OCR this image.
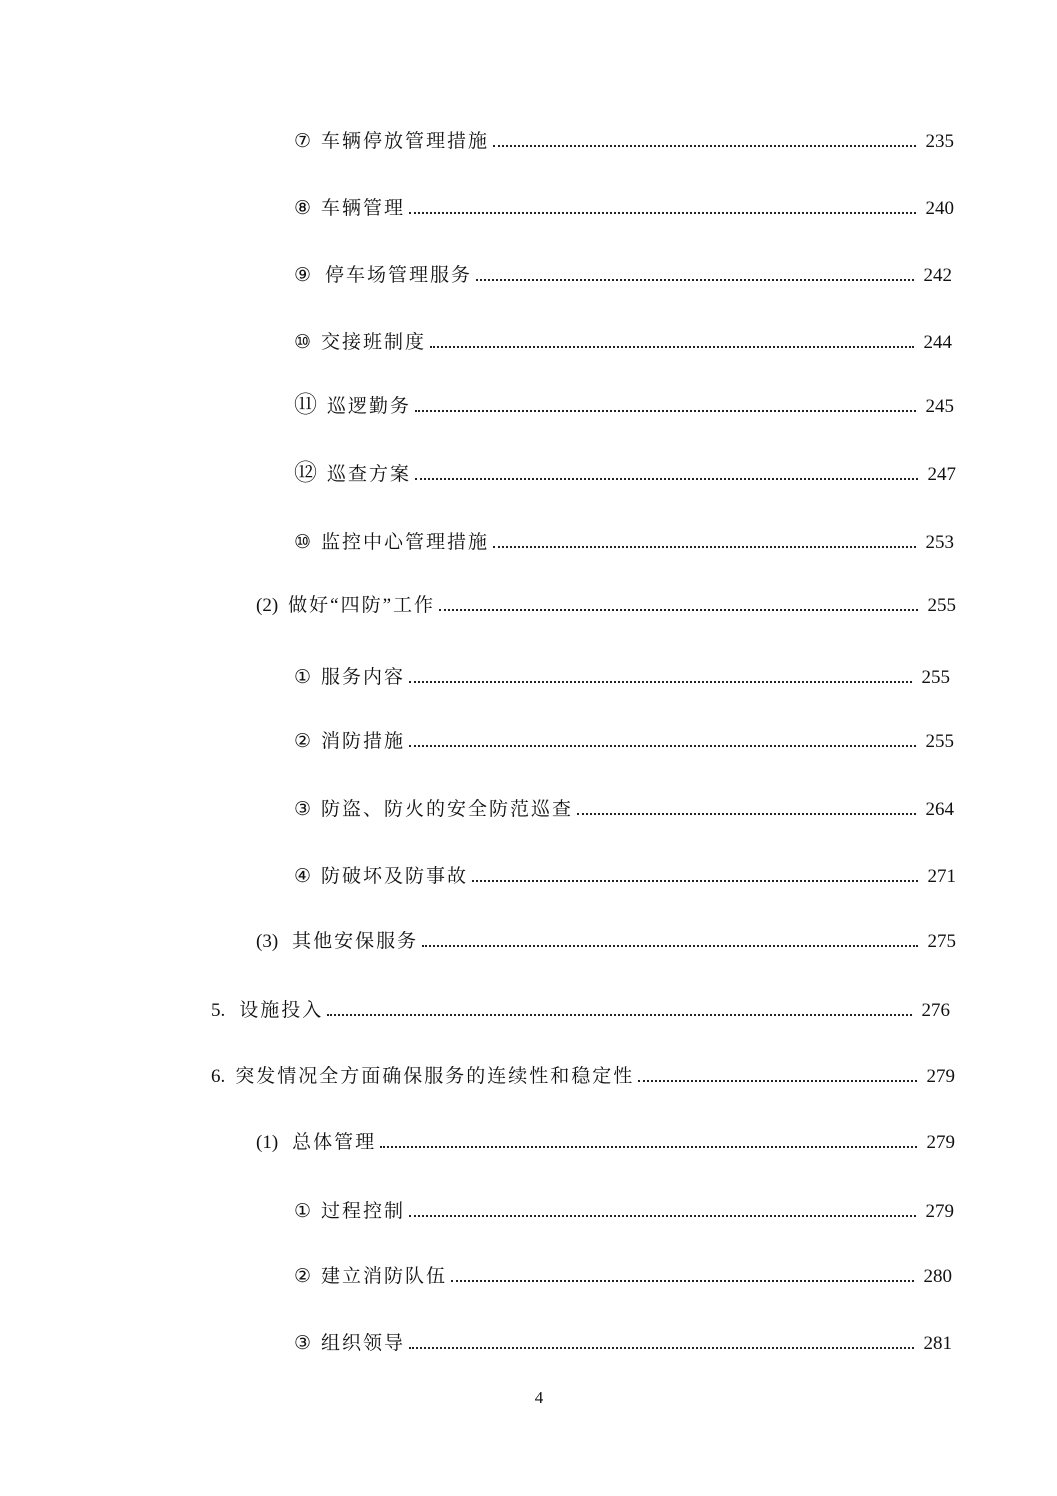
⑦ 车辆停放管理措施	235
⑧ 车辆管理	240
⑨ 停车场管理服务	242
⑩ 交接班制度	244
⑪ 巡逻勤务	245
⑫ 巡查方案	247
⑩ 监控中心管理措施	253
(2) 做好“四防”工作	255
① 服务内容	255
② 消防措施	255
③ 防盗、防火的安全防范巡查	264
④ 防破坏及防事故	271
(3) 其他安保服务	275
5. 设施投入	276
6. 突发情况全方面确保服务的连续性和稳定性	279
(1) 总体管理	279
① 过程控制	279
② 建立消防队伍	280
③ 组织领导	281
4
